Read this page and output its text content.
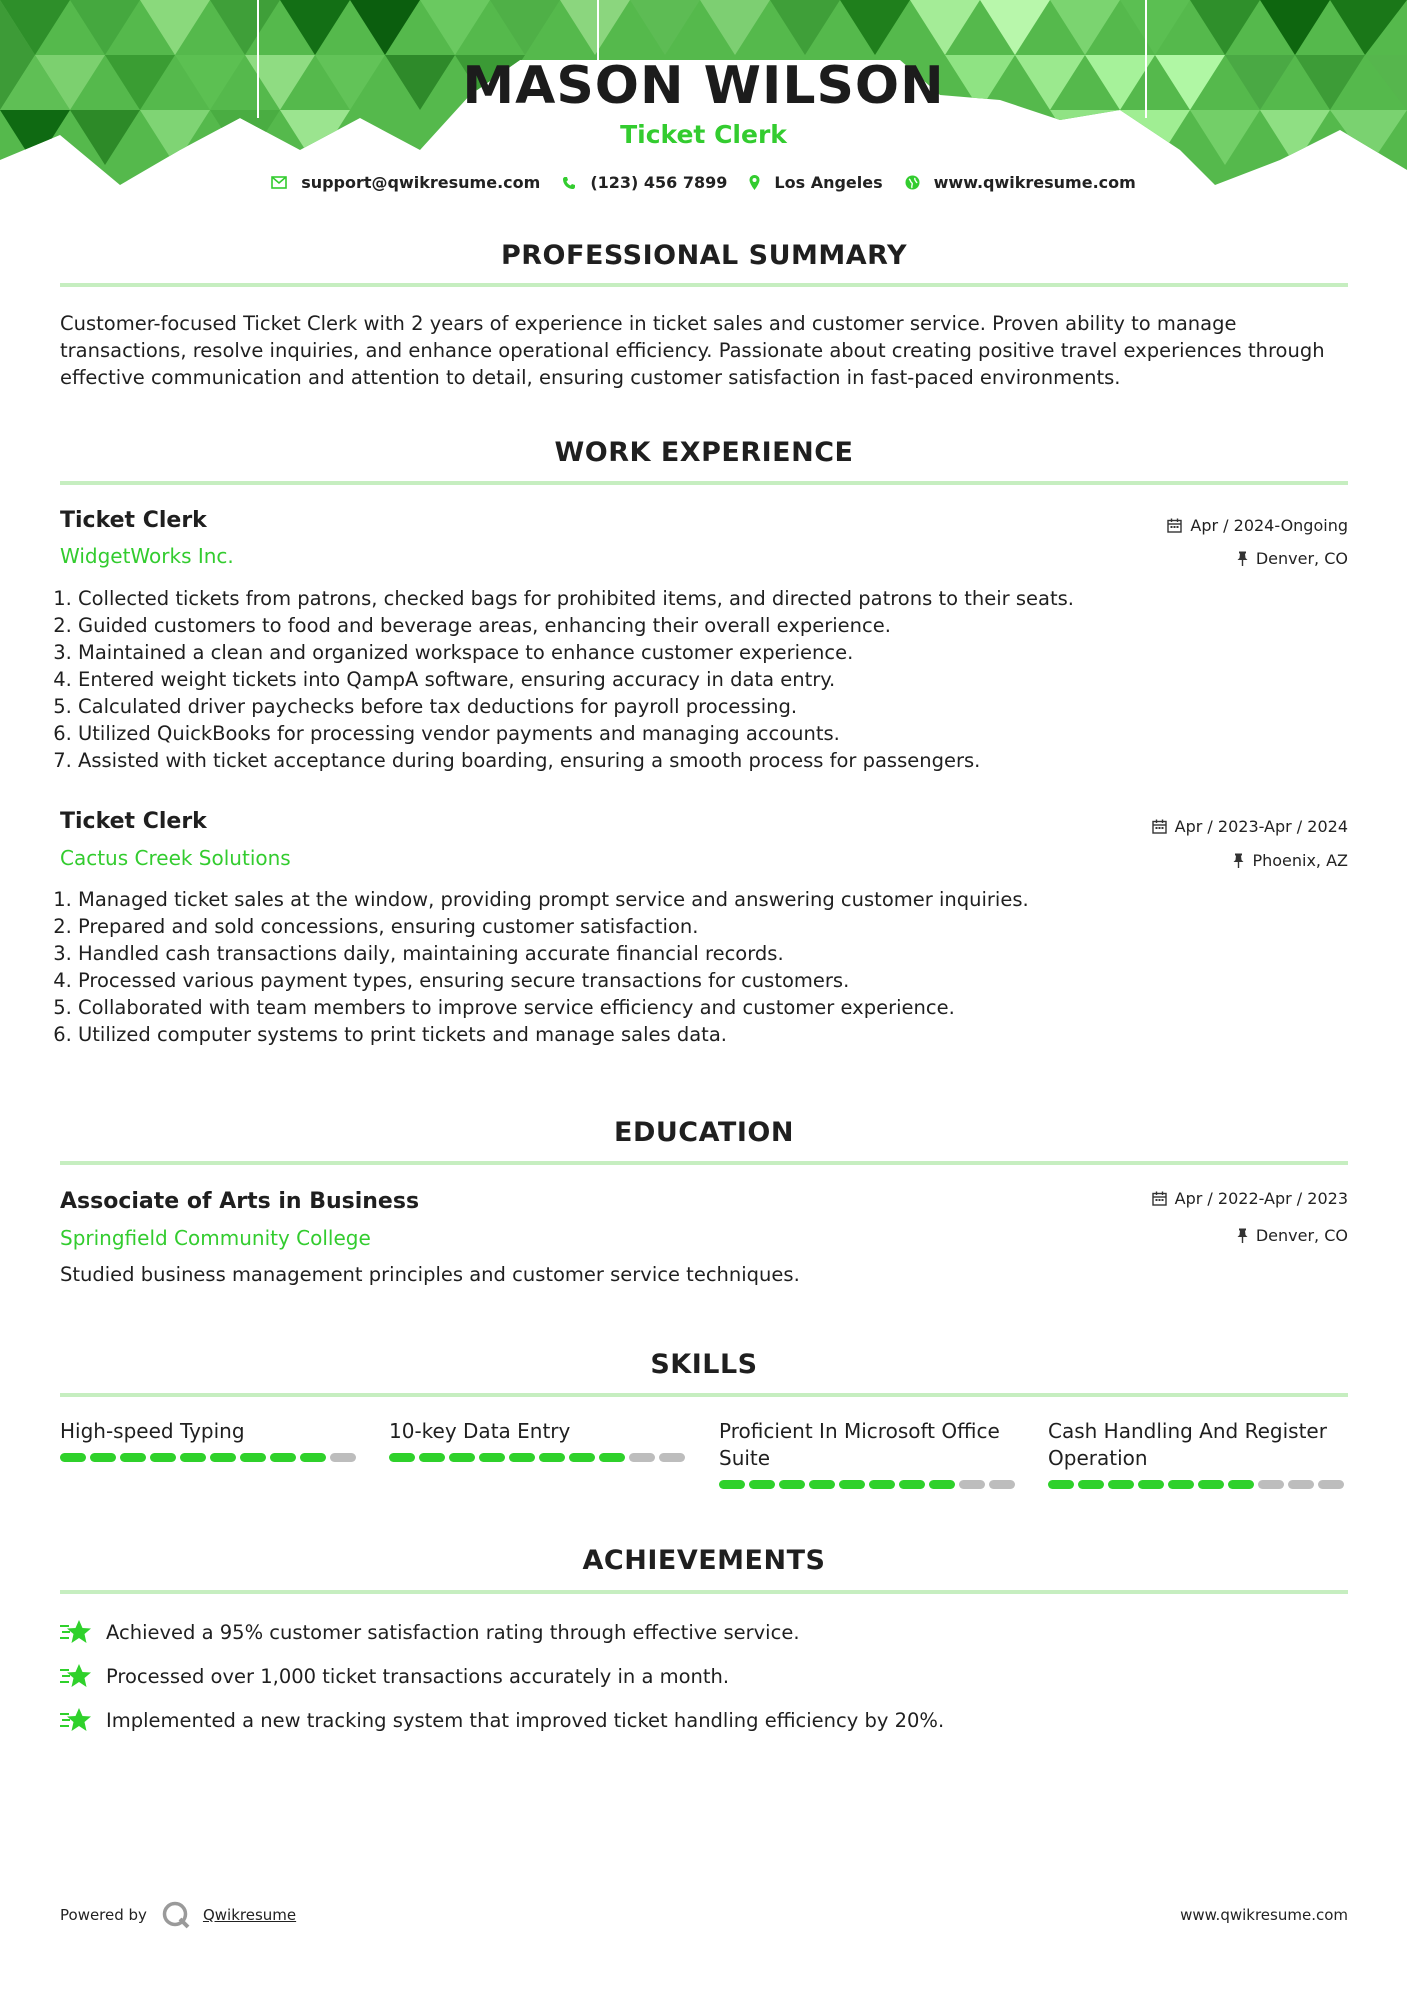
MASON WILSON
Ticket Clerk
support@qwikresume.com	(123) 456 7899	Los Angeles	www.qwikresume.com
PROFESSIONAL SUMMARY
Customer-focused Ticket Clerk with 2 years of experience in ticket sales and customer service. Proven ability to manage transactions, resolve inquiries, and enhance operational efficiency. Passionate about creating positive travel experiences through effective communication and attention to detail, ensuring customer satisfaction in fast-paced environments.
WORK EXPERIENCE
Ticket Clerk
WidgetWorks Inc.
Apr / 2024-Ongoing
Denver, CO
1. Collected tickets from patrons, checked bags for prohibited items, and directed patrons to their seats.
2. Guided customers to food and beverage areas, enhancing their overall experience.
3. Maintained a clean and organized workspace to enhance customer experience.
4. Entered weight tickets into QampA software, ensuring accuracy in data entry.
5. Calculated driver paychecks before tax deductions for payroll processing.
6. Utilized QuickBooks for processing vendor payments and managing accounts.
7. Assisted with ticket acceptance during boarding, ensuring a smooth process for passengers.
Ticket Clerk
Cactus Creek Solutions
Apr / 2023-Apr / 2024
Phoenix, AZ
1. Managed ticket sales at the window, providing prompt service and answering customer inquiries.
2. Prepared and sold concessions, ensuring customer satisfaction.
3. Handled cash transactions daily, maintaining accurate financial records.
4. Processed various payment types, ensuring secure transactions for customers.
5. Collaborated with team members to improve service efficiency and customer experience.
6. Utilized computer systems to print tickets and manage sales data.
EDUCATION
Associate of Arts in Business
Springfield Community College
Apr / 2022-Apr / 2023
Denver, CO
Studied business management principles and customer service techniques.
SKILLS
High-speed Typing	10-key Data Entry	Proficient In Microsoft Office Suite
Cash Handling And Register Operation
ACHIEVEMENTS
Achieved a 95% customer satisfaction rating through effective service.
Processed over 1,000 ticket transactions accurately in a month.
Implemented a new tracking system that improved ticket handling efficiency by 20%.
Powered by	Qwikresume	www.qwikresume.com
